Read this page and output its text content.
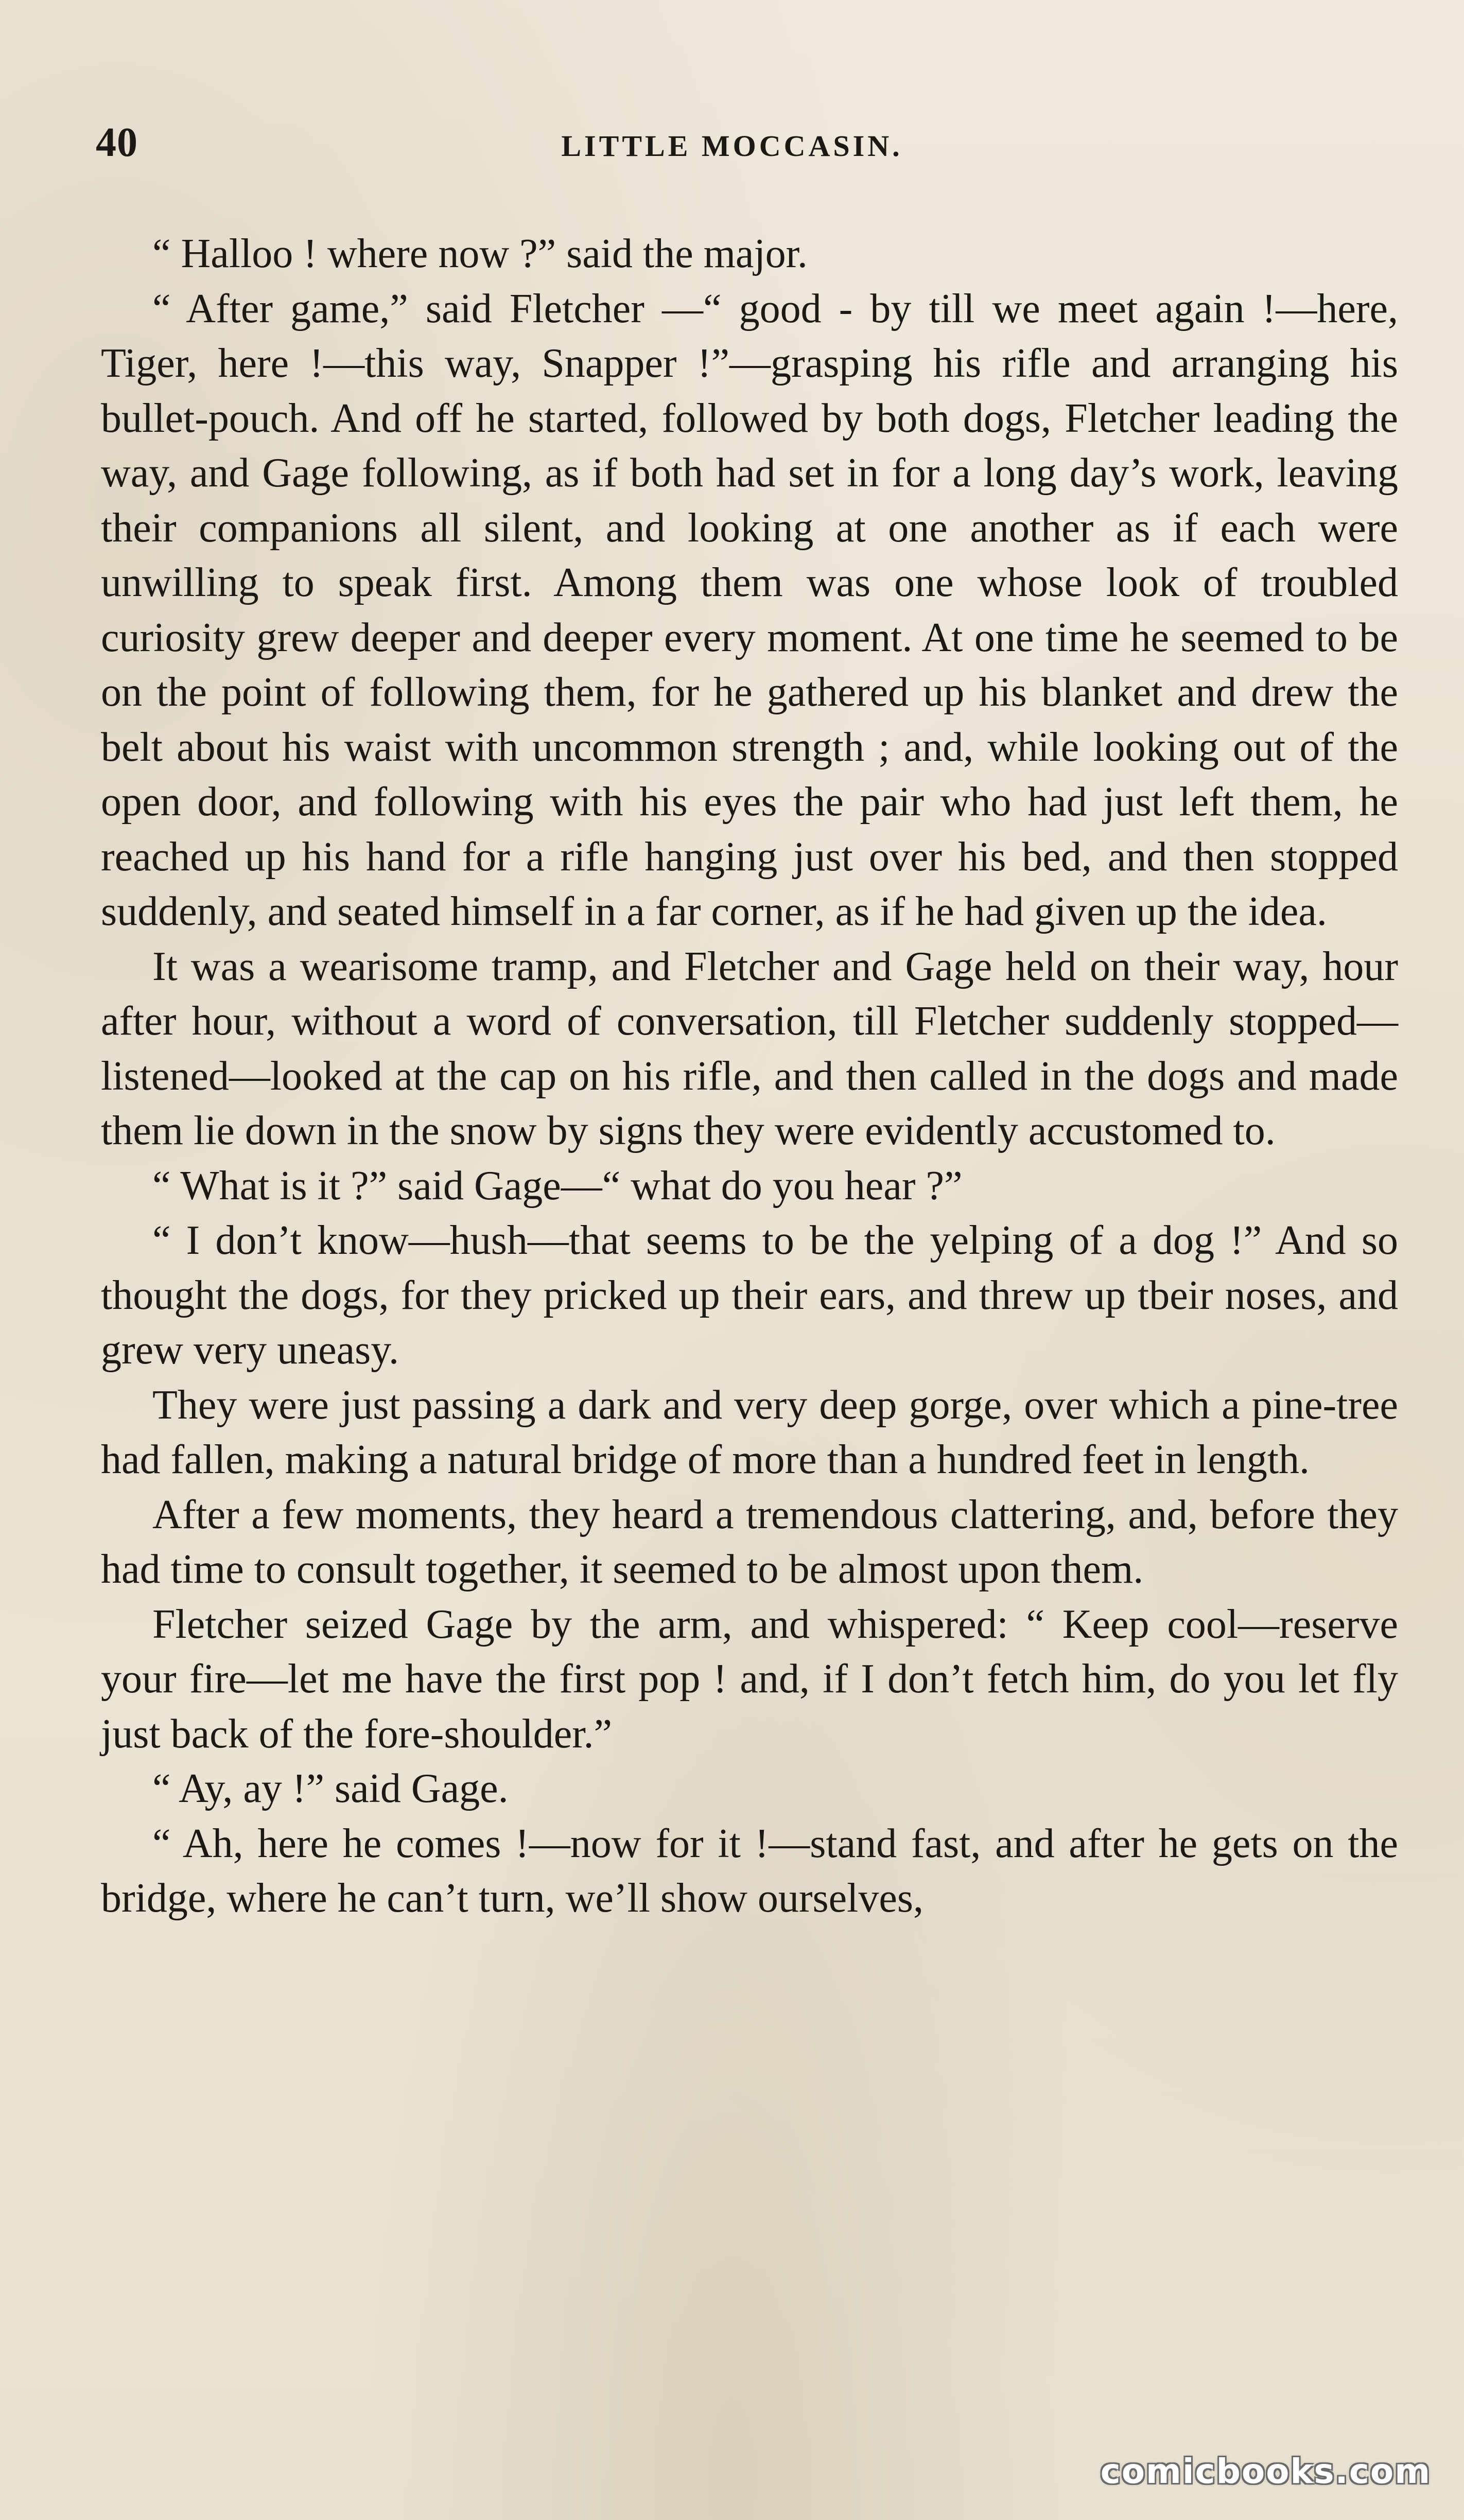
40	LITTLE MOCCASIN.

“ Halloo ! where now ?” said the major.

“ After game,” said Fletcher —“ good - by till we meet again !—here, Tiger, here !—this way, Snapper !”—grasping his rifle and arranging his bullet-pouch. And off he started, followed by both dogs, Fletcher leading the way, and Gage following, as if both had set in for a long day’s work, leaving their companions all silent, and looking at one another as if each were unwilling to speak first. Among them was one whose look of troubled curiosity grew deeper and deeper every moment. At one time he seemed to be on the point of following them, for he gathered up his blanket and drew the belt about his waist with uncommon strength ; and, while looking out of the open door, and following with his eyes the pair who had just left them, he reached up his hand for a rifle hanging just over his bed, and then stopped suddenly, and seated himself in a far corner, as if he had given up the idea.

It was a wearisome tramp, and Fletcher and Gage held on their way, hour after hour, without a word of conversation, till Fletcher suddenly stopped—listened—looked at the cap on his rifle, and then called in the dogs and made them lie down in the snow by signs they were evidently accustomed to.

“ What is it ?” said Gage—“ what do you hear ?”

“ I don’t know—hush—that seems to be the yelping of a dog !” And so thought the dogs, for they pricked up their ears, and threw up tbeir noses, and grew very uneasy.

They were just passing a dark and very deep gorge, over which a pine-tree had fallen, making a natural bridge of more than a hundred feet in length.

After a few moments, they heard a tremendous clattering, and, before they had time to consult together, it seemed to be almost upon them.

Fletcher seized Gage by the arm, and whispered: “ Keep cool—reserve your fire—let me have the first pop ! and, if I don’t fetch him, do you let fly just back of the fore-shoulder.”

“ Ay, ay !” said Gage.

“ Ah, here he comes !—now for it !—stand fast, and after he gets on the bridge, where he can’t turn, we’ll show ourselves,

comicbooks.com
